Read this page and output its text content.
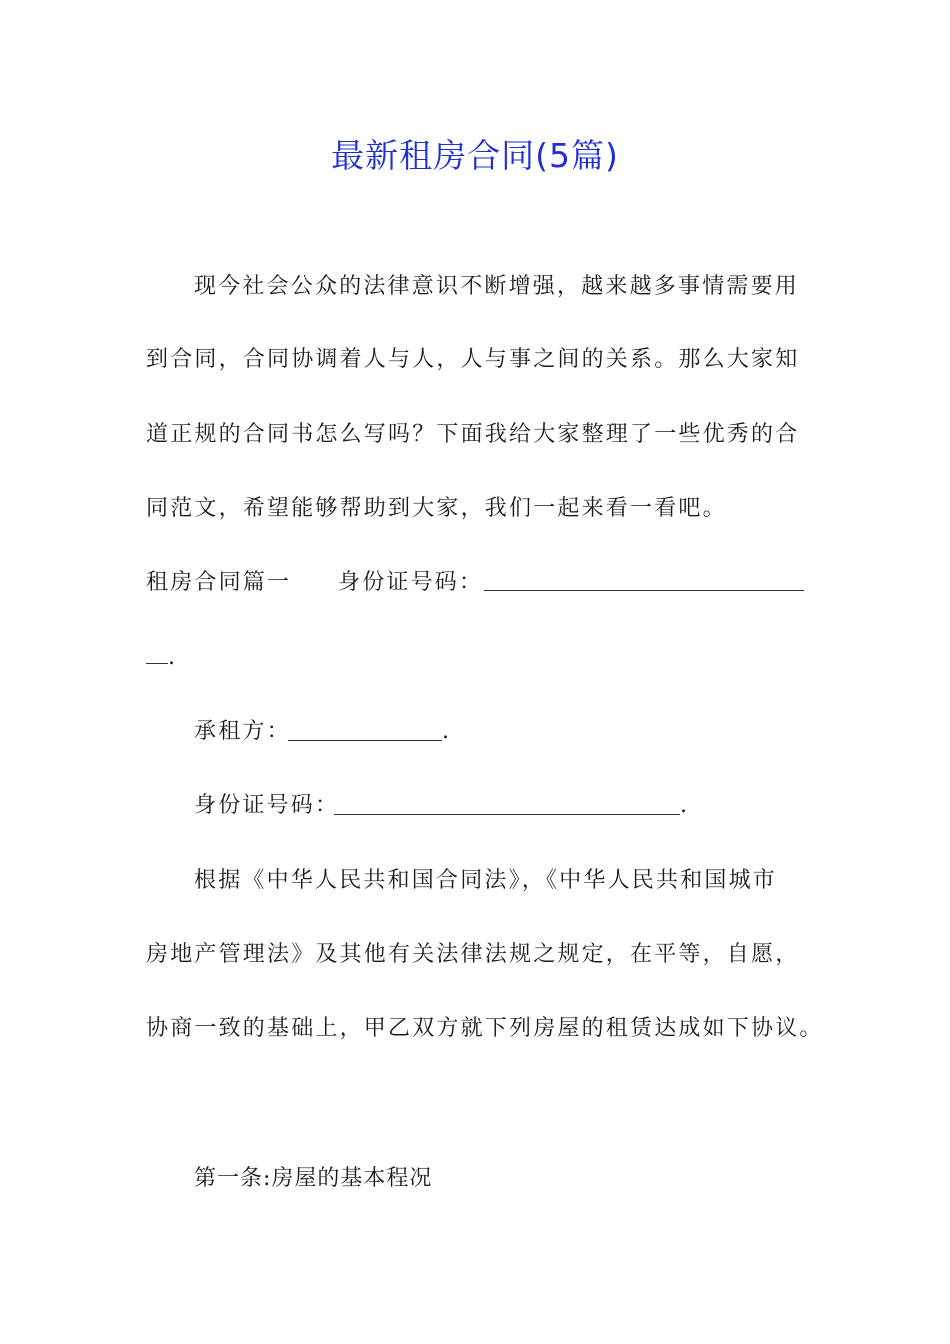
最新租房合同(5篇)
现今社会公众的法律意识不断增强，越来越多事情需要用
到合同，合同协调着人与人，人与事之间的关系。那么大家知
道正规的合同书怎么写吗？下面我给大家整理了一些优秀的合
同范文，希望能够帮助到大家，我们一起来看一看吧。
租房合同篇一 身份证号码：
.
承租方：	.
身份证号码：	.
根据《中华人民共和国合同法》，《中华人民共和国城市
房地产管理法》及其他有关法律法规之规定，在平等，自愿，
协商一致的基础上，甲乙双方就下列房屋的租赁达成如下协议。
第一条:房屋的基本程况
